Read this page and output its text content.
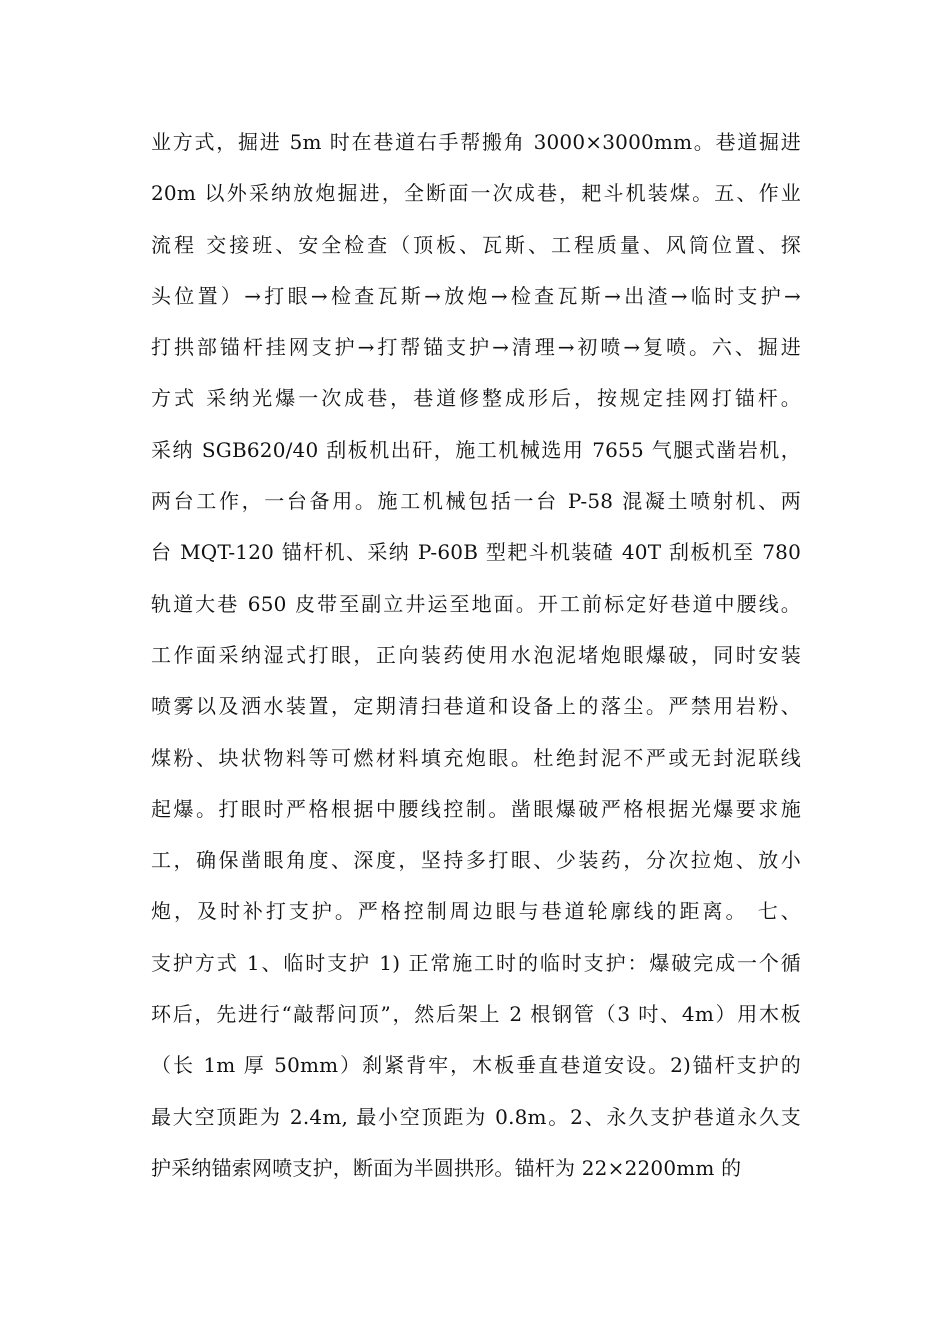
业方式，掘进 5m 时在巷道右手帮搬角 3000×3000mm。巷道掘进
20m 以外采纳放炮掘进，全断面一次成巷，耙斗机装煤。五、作业
流程 交接班、安全检查（顶板、瓦斯、工程质量、风筒位置、探
头位置）→打眼→检查瓦斯→放炮→检查瓦斯→出渣→临时支护→
打拱部锚杆挂网支护→打帮锚支护→清理→初喷→复喷。六、掘进
方式 采纳光爆一次成巷，巷道修整成形后，按规定挂网打锚杆。
采纳 SGB620/40 刮板机出矸，施工机械选用 7655 气腿式凿岩机，
两台工作，一台备用。施工机械包括一台 P-58 混凝土喷射机、两
台 MQT-120 锚杆机、采纳 P-60B 型耙斗机装碴 40T 刮板机至 780
轨道大巷 650 皮带至副立井运至地面。开工前标定好巷道中腰线。
工作面采纳湿式打眼，正向装药使用水泡泥堵炮眼爆破，同时安装
喷雾以及洒水装置，定期清扫巷道和设备上的落尘。严禁用岩粉、
煤粉、块状物料等可燃材料填充炮眼。杜绝封泥不严或无封泥联线
起爆。打眼时严格根据中腰线控制。凿眼爆破严格根据光爆要求施
工，确保凿眼角度、深度，坚持多打眼、少装药，分次拉炮、放小
炮，及时补打支护。严格控制周边眼与巷道轮廓线的距离。 七、
支护方式 1、临时支护 1) 正常施工时的临时支护：爆破完成一个循
环后，先进行“敲帮问顶”，然后架上 2 根钢管（3 吋、4m）用木板
（长 1m 厚 50mm）刹紧背牢，木板垂直巷道安设。2)锚杆支护的
最大空顶距为 2.4m, 最小空顶距为 0.8m。2、永久支护巷道永久支
护采纳锚索网喷支护，断面为半圆拱形。锚杆为 22×2200mm 的
